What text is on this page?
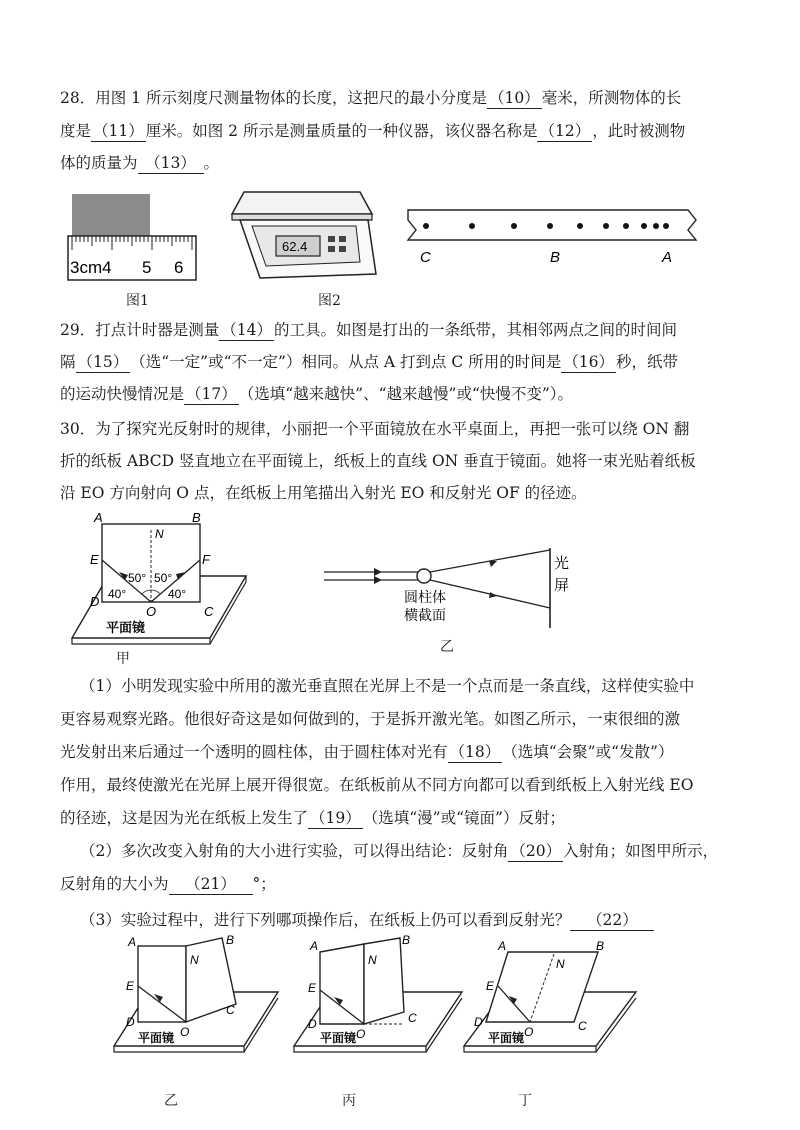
28．用图 1 所示刻度尺测量物体的长度，这把尺的最小分度是 （10） 毫米，所测物体的长
度是 （11） 厘米。如图 2 所示是测量质量的一种仪器，该仪器名称是 （12） ，此时被测物
体的质量为 （13） 。
3cm4 5 6
图1
62.4
图2
C	B	A
29．打点计时器是测量 （14） 的工具。如图是打出的一条纸带，其相邻两点之间的时间间
隔 （15） （选“一定”或“不一定”）相同。从点 A 打到点 C 所用的时间是 （16） 秒，纸带
的运动快慢情况是 （17） （选填“越来越快”、“越来越慢”或“快慢不变”）。
30．为了探究光反射时的规律，小丽把一个平面镜放在水平桌面上，再把一张可以绕 ON 翻
折的纸板 ABCD 竖直地立在平面镜上，纸板上的直线 ON 垂直于镜面。她将一束光贴着纸板
沿 EO 方向射向 O 点，在纸板上用笔描出入射光 EO 和反射光 OF 的径迹。
A	B
N
E	F
D
O	C
50° 50°
40°	40°
平面镜
甲
圆柱体
横截面
光
屏
乙
（1）小明发现实验中所用的激光垂直照在光屏上不是一个点而是一条直线，这样使实验中
更容易观察光路。他很好奇这是如何做到的，于是拆开激光笔。如图乙所示，一束很细的激
光发射出来后通过一个透明的圆柱体，由于圆柱体对光有 （18） （选填“会聚”或“发散”）
作用，最终使激光在光屏上展开得很宽。在纸板前从不同方向都可以看到纸板上入射光线 EO
的径迹，这是因为光在纸板上发生了 （19） （选填“漫”或“镜面”）反射；
（2）多次改变入射角的大小进行实验，可以得出结论：反射角 （20） 入射角；如图甲所示，
反射角的大小为 （21） °；
（3）实验过程中，进行下列哪项操作后，在纸板上仍可以看到反射光？ （22）
A	B
N
E
D
O
C
平面镜
乙
A	B
N
E
D
O
C
平面镜
丙
A	B
N
E
D
O	C
平面镜
丁
